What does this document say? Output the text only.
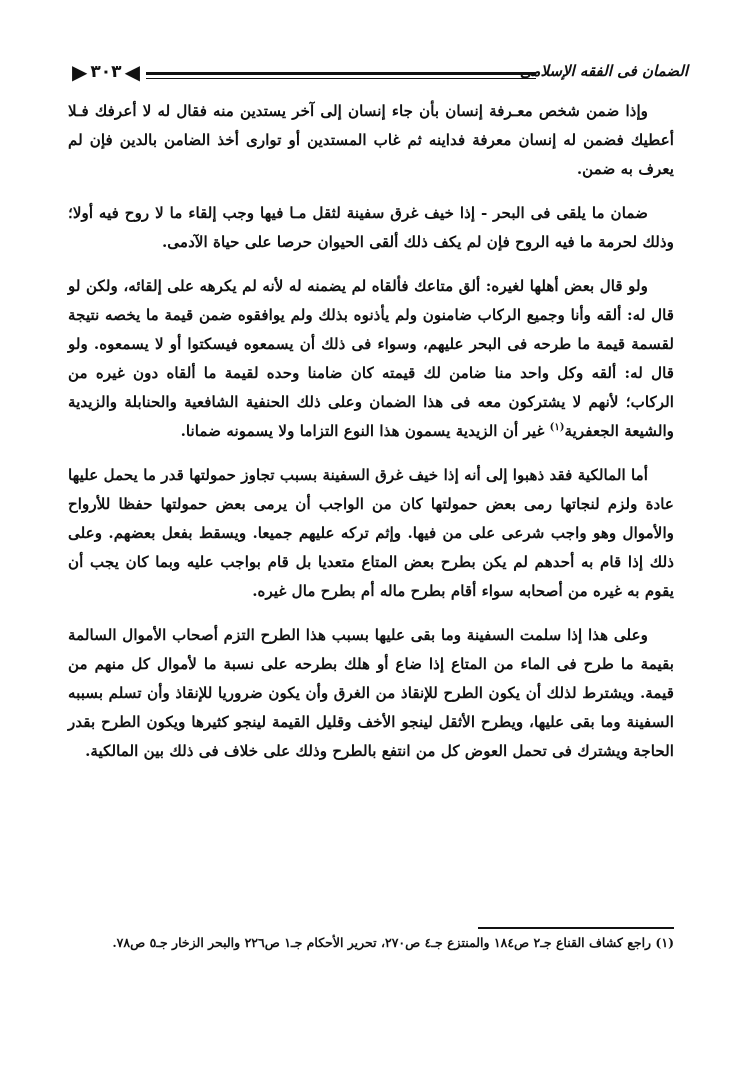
الضمان فى الفقه الإسلامى
▶ ٣٠٣ ◀

وإذا ضمن شخص معـرفة إنسان بأن جاء إنسان إلى آخر يستدين منه فقال له لا أعرفك فـلا أعطيك فضمن له إنسان معرفة فداينه ثم غاب المستدين أو توارى أخذ الضامن بالدين فإن لم يعرف به ضمن.

ضمان ما يلقى فى البحر - إذا خيف غرق سفينة لثقل مـا فيها وجب إلقاء ما لا روح فيه أولا؛ وذلك لحرمة ما فيه الروح فإن لم يكف ذلك ألقى الحيوان حرصا على حياة الآدمى.

ولو قال بعض أهلها لغيره: ألق متاعك فألقاه لم يضمنه له لأنه لم يكرهه على إلقائه، ولكن لو قال له: ألقه وأنا وجميع الركاب ضامنون ولم يأذنوه بذلك ولم يوافقوه ضمن قيمة ما يخصه نتيجة لقسمة قيمة ما طرحه فى البحر عليهم، وسواء فى ذلك أن يسمعوه فيسكتوا أو لا يسمعوه. ولو قال له: ألقه وكل واحد منا ضامن لك قيمته كان ضامنا وحده لقيمة ما ألقاه دون غيره من الركاب؛ لأنهم لا يشتركون معه فى هذا الضمان وعلى ذلك الحنفية الشافعية والحنابلة والزيدية والشيعة الجعفرية$^{(١)}$ غير أن الزيدية يسمون هذا النوع التزاما ولا يسمونه ضمانا.

أما المالكية فقد ذهبوا إلى أنه إذا خيف غرق السفينة بسبب تجاوز حمولتها قدر ما يحمل عليها عادة ولزم لنجاتها رمى بعض حمولتها كان من الواجب أن يرمى بعض حمولتها حفظا للأرواح والأموال وهو واجب شرعى على من فيها. وإثم تركه عليهم جميعا. ويسقط بفعل بعضهم. وعلى ذلك إذا قام به أحدهم لم يكن بطرح بعض المتاع متعديا بل قام بواجب عليه وبما كان يجب أن يقوم به غيره من أصحابه سواء أقام بطرح ماله أم بطرح مال غيره.

وعلى هذا إذا سلمت السفينة وما بقى عليها بسبب هذا الطرح التزم أصحاب الأموال السالمة بقيمة ما طرح فى الماء من المتاع إذا ضاع أو هلك بطرحه على نسبة ما لأموال كل منهم من قيمة. ويشترط لذلك أن يكون الطرح للإنقاذ من الغرق وأن يكون ضروريا للإنقاذ وأن تسلم بسببه السفينة وما بقى عليها، ويطرح الأثقل لينجو الأخف وقليل القيمة لينجو كثيرها ويكون الطرح بقدر الحاجة ويشترك فى تحمل العوض كل من انتفع بالطرح وذلك على خلاف فى ذلك بين المالكية.

(١) راجع كشاف القناع جـ٢ ص١٨٤ والمنتزع جـ٤ ص٢٧٠، تحرير الأحكام جـ١ ص٢٢٦ والبحر الزخار جـ٥ ص٧٨.
